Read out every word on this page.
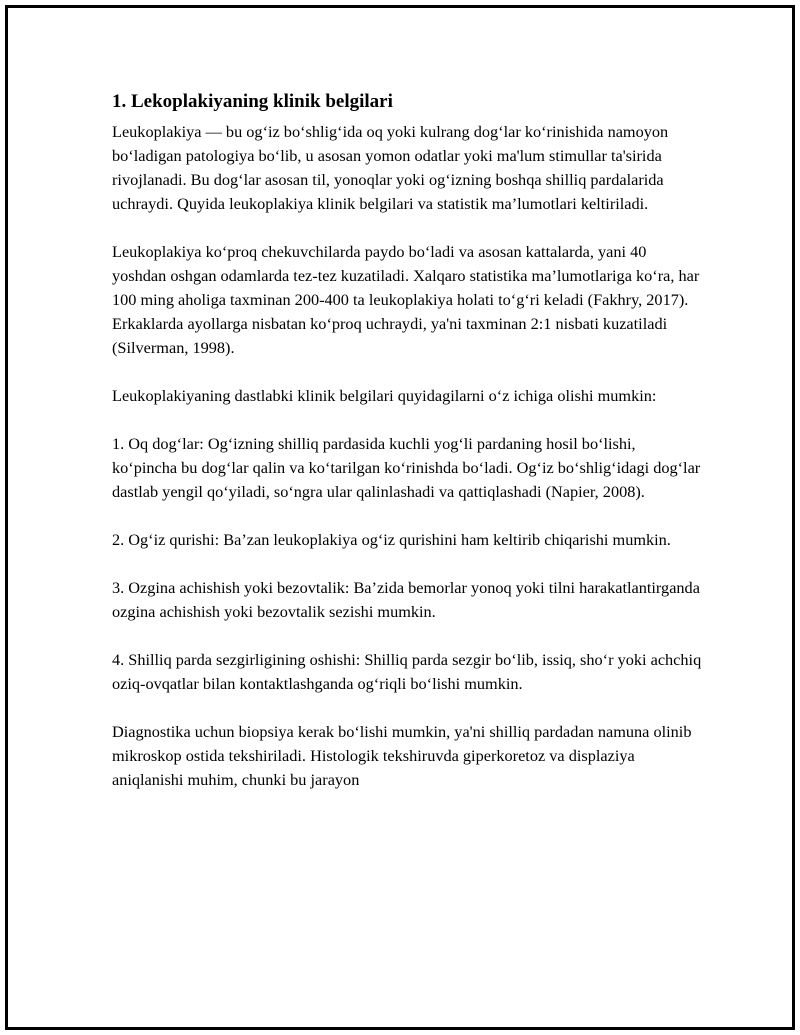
1. Lekoplakiyaning klinik belgilari

Leukoplakiya — bu og‘iz bo‘shlig‘ida oq yoki kulrang dog‘lar ko‘rinishida namoyon bo‘ladigan patologiya bo‘lib, u asosan yomon odatlar yoki ma'lum stimullar ta'sirida rivojlanadi. Bu dog‘lar asosan til, yonoqlar yoki og‘izning boshqa shilliq pardalarida uchraydi. Quyida leukoplakiya klinik belgilari va statistik ma’lumotlari keltiriladi.

Leukoplakiya ko‘proq chekuvchilarda paydo bo‘ladi va asosan kattalarda, yani 40 yoshdan oshgan odamlarda tez-tez kuzatiladi. Xalqaro statistika ma’lumotlariga ko‘ra, har 100 ming aholiga taxminan 200-400 ta leukoplakiya holati to‘g‘ri keladi (Fakhry, 2017). Erkaklarda ayollarga nisbatan ko‘proq uchraydi, ya'ni taxminan 2:1 nisbati kuzatiladi (Silverman, 1998).

Leukoplakiyaning dastlabki klinik belgilari quyidagilarni o‘z ichiga olishi mumkin:

1. Oq dog‘lar: Og‘izning shilliq pardasida kuchli yog‘li pardaning hosil bo‘lishi, ko‘pincha bu dog‘lar qalin va ko‘tarilgan ko‘rinishda bo‘ladi. Og‘iz bo‘shlig‘idagi dog‘lar dastlab yengil qo‘yiladi, so‘ngra ular qalinlashadi va qattiqlashadi (Napier, 2008).

2. Og‘iz qurishi: Ba’zan leukoplakiya og‘iz qurishini ham keltirib chiqarishi mumkin.

3. Ozgina achishish yoki bezovtalik: Ba’zida bemorlar yonoq yoki tilni harakatlantirganda ozgina achishish yoki bezovtalik sezishi mumkin.

4. Shilliq parda sezgirligining oshishi: Shilliq parda sezgir bo‘lib, issiq, sho‘r yoki achchiq oziq-ovqatlar bilan kontaktlashganda og‘riqli bo‘lishi mumkin.

Diagnostika uchun biopsiya kerak bo‘lishi mumkin, ya'ni shilliq pardadan namuna olinib mikroskop ostida tekshiriladi. Histologik tekshiruvda giperkoretoz va displaziya aniqlanishi muhim, chunki bu jarayon
